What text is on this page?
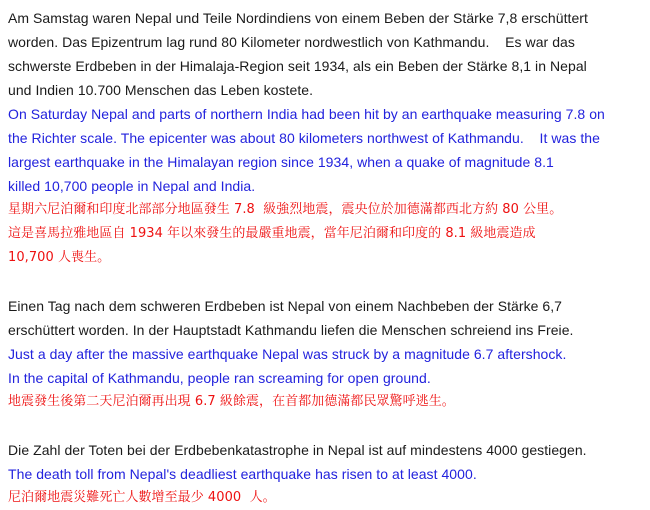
Am Samstag waren Nepal und Teile Nordindiens von einem Beben der Stärke 7,8 erschüttert
worden. Das Epizentrum lag rund 80 Kilometer nordwestlich von Kathmandu.    Es war das
schwerste Erdbeben in der Himalaja-Region seit 1934, als ein Beben der Stärke 8,1 in Nepal
und Indien 10.700 Menschen das Leben kostete.
On Saturday Nepal and parts of northern India had been hit by an earthquake measuring 7.8 on
the Richter scale. The epicenter was about 80 kilometers northwest of Kathmandu.    It was the
largest earthquake in the Himalayan region since 1934, when a quake of magnitude 8.1
killed 10,700 people in Nepal and India.
星期六尼泊爾和印度北部部分地區發生 7.8  級強烈地震，震央位於加德滿都西北方約 80 公里。
這是喜馬拉雅地區自 1934 年以來發生的最嚴重地震，當年尼泊爾和印度的 8.1 級地震造成
10,700 人喪生。
Einen Tag nach dem schweren Erdbeben ist Nepal von einem Nachbeben der Stärke 6,7
erschüttert worden. In der Hauptstadt Kathmandu liefen die Menschen schreiend ins Freie.
Just a day after the massive earthquake Nepal was struck by a magnitude 6.7 aftershock.
In the capital of Kathmandu, people ran screaming for open ground.
地震發生後第二天尼泊爾再出現 6.7 級餘震，在首都加德滿都民眾驚呼逃生。
Die Zahl der Toten bei der Erdbebenkatastrophe in Nepal ist auf mindestens 4000 gestiegen.
The death toll from Nepal's deadliest earthquake has risen to at least 4000.
尼泊爾地震災難死亡人數增至最少 4000  人。
